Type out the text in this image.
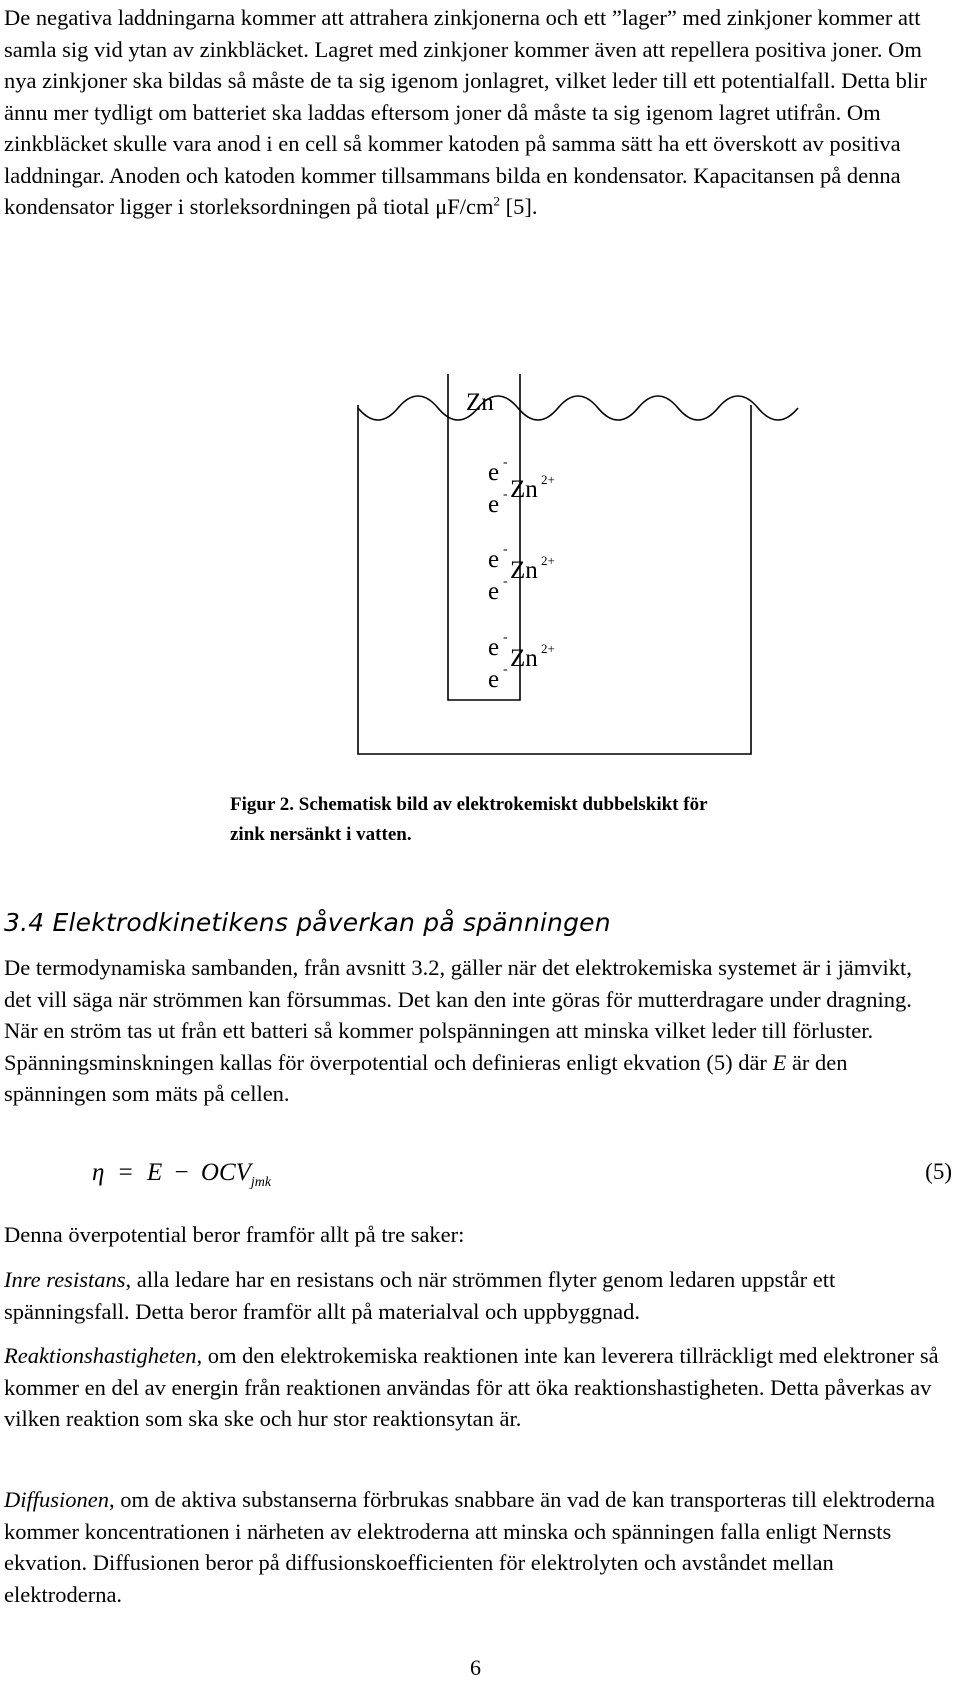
De negativa laddningarna kommer att attrahera zinkjonerna och ett ”lager” med zinkjoner kommer att samla sig vid ytan av zinkbläcket. Lagret med zinkjoner kommer även att repellera positiva joner. Om nya zinkjoner ska bildas så måste de ta sig igenom jonlagret, vilket leder till ett potentialfall. Detta blir ännu mer tydligt om batteriet ska laddas eftersom joner då måste ta sig igenom lagret utifrån. Om zinkbläcket skulle vara anod i en cell så kommer katoden på samma sätt ha ett överskott av positiva laddningar. Anoden och katoden kommer tillsammans bilda en kondensator. Kapacitansen på denna kondensator ligger i storleksordningen på tiotal $\mu F/cm^2$ [5].

Zn
e -
Zn 2+
e -
e -
Zn 2+
e -
e -
Zn 2+
e -

Figur 2. Schematisk bild av elektrokemiskt dubbelskikt för zink nersänkt i vatten.

3.4 Elektrodkinetikens påverkan på spänningen

De termodynamiska sambanden, från avsnitt 3.2, gäller när det elektrokemiska systemet är i jämvikt, det vill säga när strömmen kan försummas. Det kan den inte göras för mutterdragare under dragning. När en ström tas ut från ett batteri så kommer polspänningen att minska vilket leder till förluster. Spänningsminskningen kallas för överpotential och definieras enligt ekvation (5) där E är den spänningen som mäts på cellen.

$\eta = E - OCV_{jmk}$	(5)

Denna överpotential beror framför allt på tre saker:

Inre resistans, alla ledare har en resistans och när strömmen flyter genom ledaren uppstår ett spänningsfall. Detta beror framför allt på materialval och uppbyggnad.

Reaktionshastigheten, om den elektrokemiska reaktionen inte kan leverera tillräckligt med elektroner så kommer en del av energin från reaktionen användas för att öka reaktionshastigheten. Detta påverkas av vilken reaktion som ska ske och hur stor reaktionsytan är.

Diffusionen, om de aktiva substanserna förbrukas snabbare än vad de kan transporteras till elektroderna kommer koncentrationen i närheten av elektroderna att minska och spänningen falla enligt Nernsts ekvation. Diffusionen beror på diffusionskoefficienten för elektrolyten och avståndet mellan elektroderna.

6
